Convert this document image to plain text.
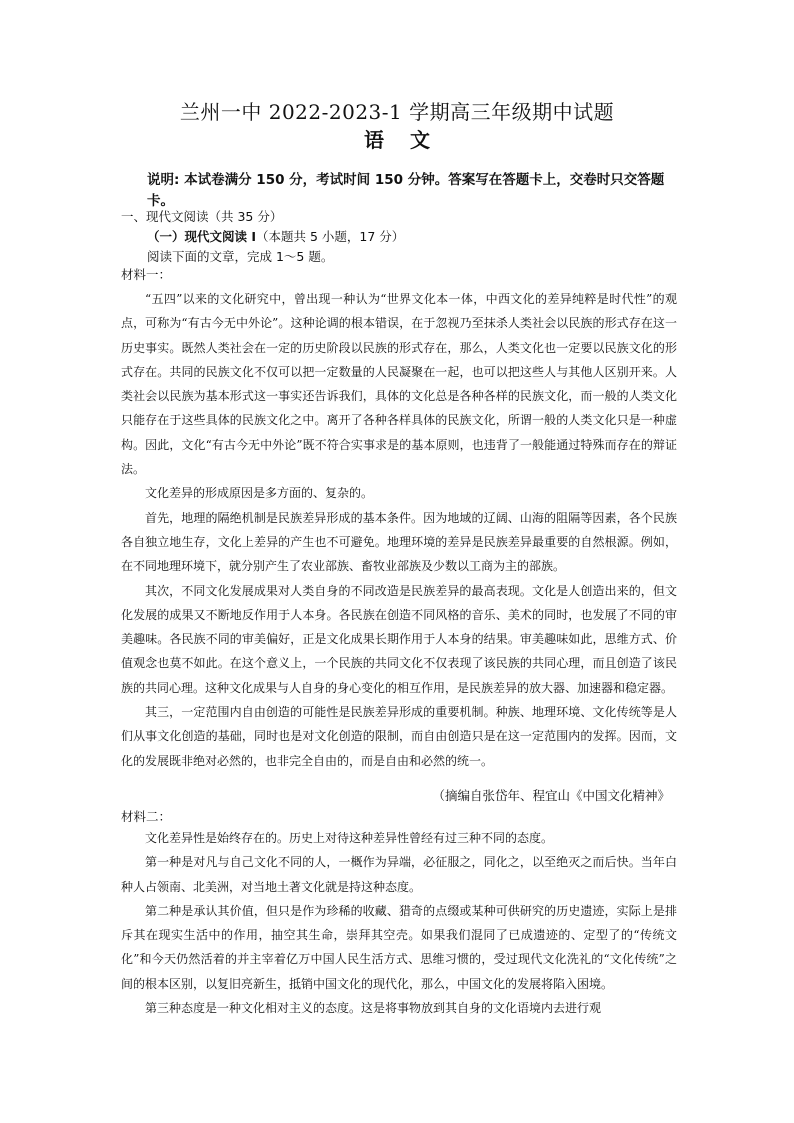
兰州一中 2022-2023-1 学期高三年级期中试题
语文
说明: 本试卷满分 150 分，考试时间 150 分钟。答案写在答题卡上，交卷时只交答题卡。
一、现代文阅读（共 35 分）
（一）现代文阅读 I（本题共 5 小题，17 分）
阅读下面的文章，完成 1～5 题。
材料一：

“五四”以来的文化研究中，曾出现一种认为“世界文化本一体，中西文化的差异纯粹是时代性”的观点，可称为“有古今无中外论”。这种论调的根本错误，在于忽视乃至抹杀人类社会以民族的形式存在这一历史事实。既然人类社会在一定的历史阶段以民族的形式存在，那么，人类文化也一定要以民族文化的形式存在。共同的民族文化不仅可以把一定数量的人民凝聚在一起，也可以把这些人与其他人区别开来。人类社会以民族为基本形式这一事实还告诉我们，具体的文化总是各种各样的民族文化，而一般的人类文化只能存在于这些具体的民族文化之中。离开了各种各样具体的民族文化，所谓一般的人类文化只是一种虚构。因此，文化“有古今无中外论”既不符合实事求是的基本原则，也违背了一般能通过特殊而存在的辩证法。

文化差异的形成原因是多方面的、复杂的。

首先，地理的隔绝机制是民族差异形成的基本条件。因为地域的辽阔、山海的阻隔等因素，各个民族各自独立地生存，文化上差异的产生也不可避免。地理环境的差异是民族差异最重要的自然根源。例如，在不同地理环境下，就分别产生了农业部族、畜牧业部族及少数以工商为主的部族。

其次，不同文化发展成果对人类自身的不同改造是民族差异的最高表现。文化是人创造出来的，但文化发展的成果又不断地反作用于人本身。各民族在创造不同风格的音乐、美术的同时，也发展了不同的审美趣味。各民族不同的审美偏好，正是文化成果长期作用于人本身的结果。审美趣味如此，思维方式、价值观念也莫不如此。在这个意义上，一个民族的共同文化不仅表现了该民族的共同心理，而且创造了该民族的共同心理。这种文化成果与人自身的身心变化的相互作用，是民族差异的放大器、加速器和稳定器。

其三，一定范围内自由创造的可能性是民族差异形成的重要机制。种族、地理环境、文化传统等是人们从事文化创造的基础，同时也是对文化创造的限制，而自由创造只是在这一定范围内的发挥。因而，文化的发展既非绝对必然的，也非完全自由的，而是自由和必然的统一。

（摘编自张岱年、程宜山《中国文化精神》
材料二：

文化差异性是始终存在的。历史上对待这种差异性曾经有过三种不同的态度。

第一种是对凡与自己文化不同的人，一概作为异端，必征服之，同化之，以至绝灭之而后快。当年白种人占领南、北美洲，对当地土著文化就是持这种态度。

第二种是承认其价值，但只是作为珍稀的收藏、猎奇的点缀或某种可供研究的历史遗迹，实际上是排斥其在现实生活中的作用，抽空其生命，崇拜其空壳。如果我们混同了已成遗迹的、定型了的“传统文化”和今天仍然活着的并主宰着亿万中国人民生活方式、思维习惯的，受过现代文化洗礼的“文化传统”之间的根本区别，以复旧亮新生，抵销中国文化的现代化，那么，中国文化的发展将陷入困境。

第三种态度是一种文化相对主义的态度。这是将事物放到其自身的文化语境内去进行观
